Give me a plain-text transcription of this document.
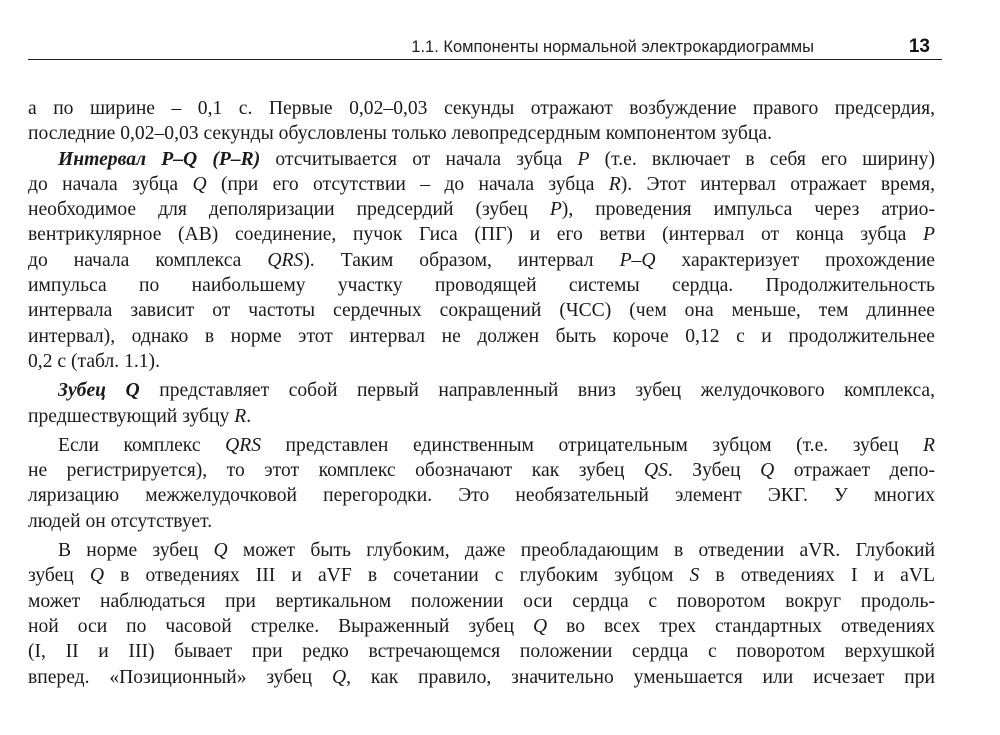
1.1. Компоненты нормальной электрокардиограммы	13
а по ширине – 0,1 с. Первые 0,02–0,03 секунды отражают возбуждение правого предсердия,
последние 0,02–0,03 секунды обусловлены только левопредсердным компонентом зубца.
Интервал P–Q (P–R) отсчитывается от начала зубца P (т.е. включает в себя его ширину)
до начала зубца Q (при его отсутствии – до начала зубца R). Этот интервал отражает время,
необходимое для деполяризации предсердий (зубец P), проведения импульса через атрио-
вентрикулярное (АВ) соединение, пучок Гиса (ПГ) и его ветви (интервал от конца зубца P
до начала комплекса QRS). Таким образом, интервал P–Q характеризует прохождение
импульса по наибольшему участку проводящей системы сердца. Продолжительность
интервала зависит от частоты сердечных сокращений (ЧСС) (чем она меньше, тем длиннее
интервал), однако в норме этот интервал не должен быть короче 0,12 с и продолжительнее
0,2 с (табл. 1.1).
Зубец Q представляет собой первый направленный вниз зубец желудочкового комплекса,
предшествующий зубцу R.
Если комплекс QRS представлен единственным отрицательным зубцом (т.е. зубец R
не регистрируется), то этот комплекс обозначают как зубец QS. Зубец Q отражает депо-
ляризацию межжелудочковой перегородки. Это необязательный элемент ЭКГ. У многих
людей он отсутствует.
В норме зубец Q может быть глубоким, даже преобладающим в отведении aVR. Глубокий
зубец Q в отведениях III и aVF в сочетании с глубоким зубцом S в отведениях I и aVL
может наблюдаться при вертикальном положении оси сердца с поворотом вокруг продоль-
ной оси по часовой стрелке. Выраженный зубец Q во всех трех стандартных отведениях
(I, II и III) бывает при редко встречающемся положении сердца с поворотом верхушкой
вперед. «Позиционный» зубец Q, как правило, значительно уменьшается или исчезает при
